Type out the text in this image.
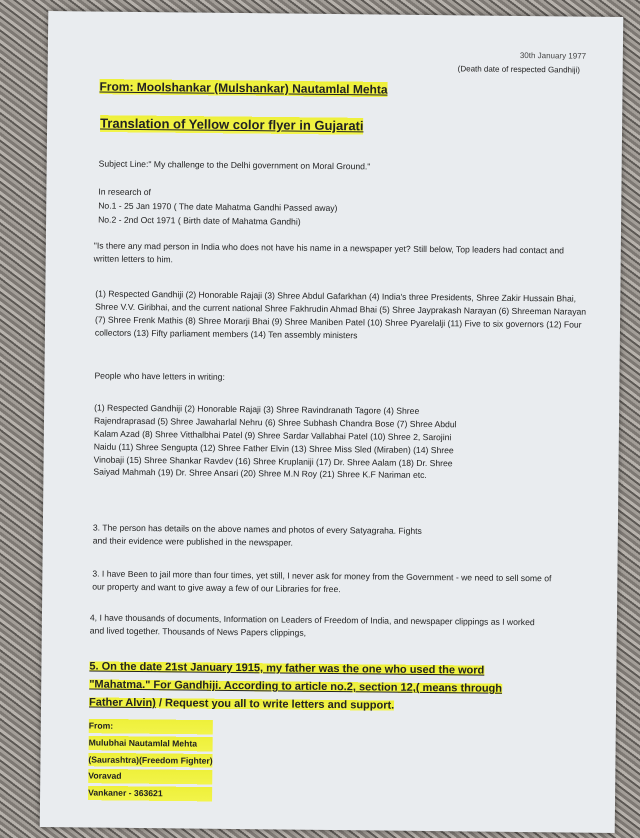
30th January 1977
(Death date of respected Gandhiji)
From: Moolshankar (Mulshankar) Nautamlal Mehta
Translation of Yellow color flyer in Gujarati
Subject Line:" My challenge to the Delhi government on Moral Ground."
In research of
No.1 - 25 Jan 1970 ( The date Mahatma Gandhi Passed away)
No.2 - 2nd Oct 1971 ( Birth date of Mahatma Gandhi)

"Is there any mad person in India who does not have his name in a newspaper yet? Still below, Top leaders had contact and written letters to him.

(1) Respected Gandhiji (2) Honorable Rajaji (3) Shree Abdul Gafarkhan (4) India's three Presidents, Shree Zakir Hussain Bhai, Shree V.V. Giribhai, and the current national Shree Fakhrudin Ahmad Bhai (5) Shree Jayprakash Narayan (6) Shreeman Narayan (7) Shree Frenk Mathis (8) Shree Morarji Bhai (9) Shree Maniben Patel (10) Shree Pyarelalji (11) Five to six governors (12) Four collectors (13) Fifty parliament members (14) Ten assembly ministers

People who have letters in writing:

(1) Respected Gandhiji (2) Honorable Rajaji (3) Shree Ravindranath Tagore (4) Shree Rajendraprasad (5) Shree Jawaharlal Nehru (6) Shree Subhash Chandra Bose (7) Shree Abdul Kalam Azad (8) Shree Vitthalbhai Patel (9) Shree Sardar Vallabhai Patel (10) Shree 2, Sarojini Naidu (11) Shree Sengupta (12) Shree Father Elvin (13) Shree Miss Sled (Miraben) (14) Shree Vinobaji (15) Shree Shankar Ravdev (16) Shree Kruplaniji (17) Dr. Shree Aalam (18) Dr. Shree Saiyad Mahmah (19) Dr. Shree Ansari (20) Shree M.N Roy (21) Shree K.F Nariman etc.

3. The person has details on the above names and photos of every Satyagraha. Fights and their evidence were published in the newspaper.

3. I have Been to jail more than four times, yet still, I never ask for money from the Government - we need to sell some of our property and want to give away a few of our Libraries for free.

4, I have thousands of documents, Information on Leaders of Freedom of India, and newspaper clippings as I worked and lived together. Thousands of News Papers clippings,

5. On the date 21st January 1915, my father was the one who used the word
"Mahatma." For Gandhiji. According to article no.2, section 12,( means through
Father Alvin) / Request you all to write letters and support.
From:
Mulubhai Nautamlal Mehta
(Saurashtra)(Freedom Fighter)
Voravad
Vankaner - 363621
